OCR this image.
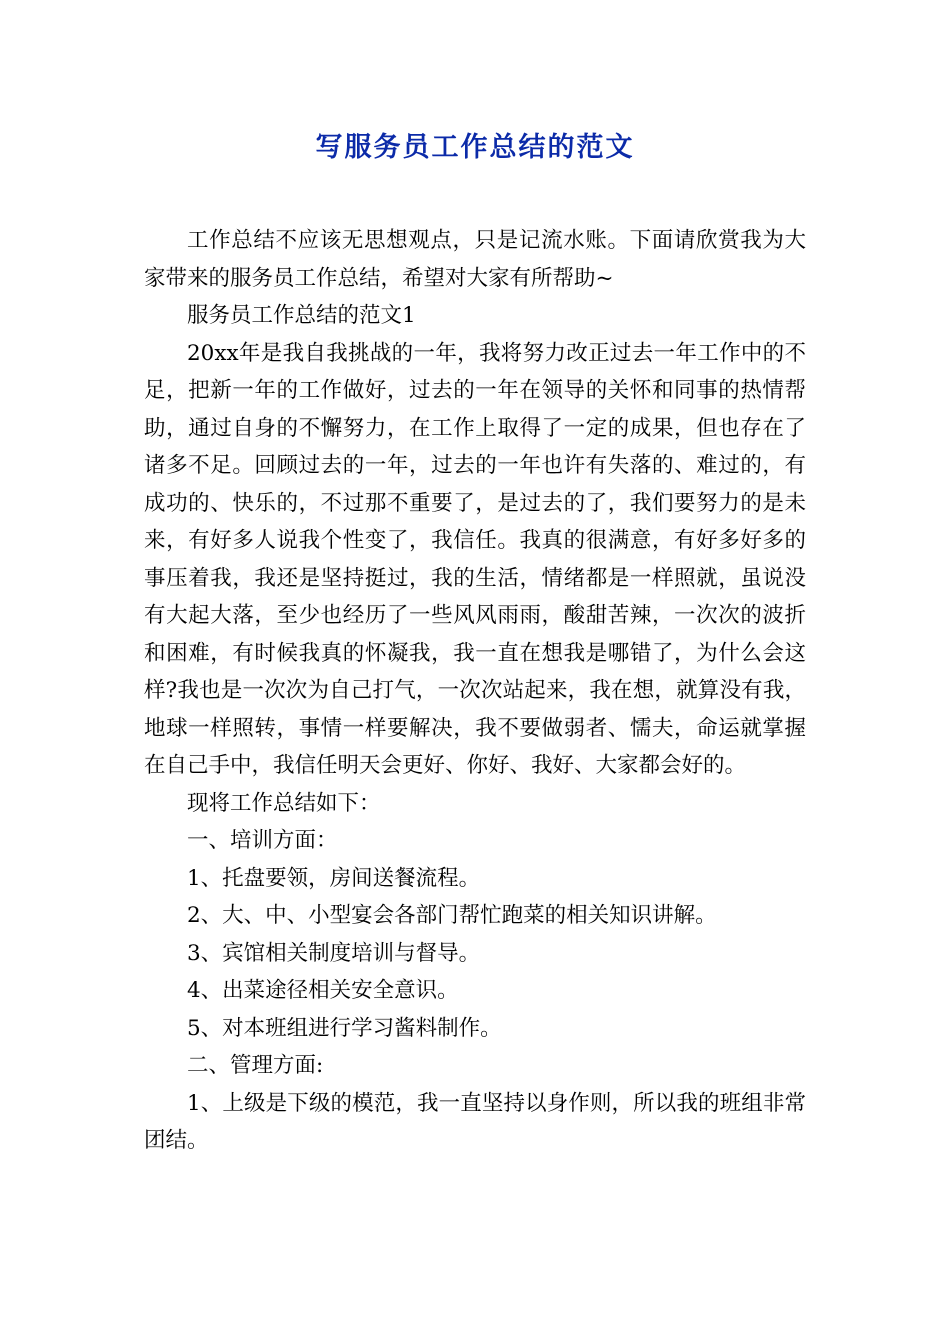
写服务员工作总结的范文

工作总结不应该无思想观点，只是记流水账。下面请欣赏我为大家带来的服务员工作总结，希望对大家有所帮助~

服务员工作总结的范文1

20xx年是我自我挑战的一年，我将努力改正过去一年工作中的不足，把新一年的工作做好，过去的一年在领导的关怀和同事的热情帮助，通过自身的不懈努力，在工作上取得了一定的成果，但也存在了诸多不足。回顾过去的一年，过去的一年也许有失落的、难过的，有成功的、快乐的，不过那不重要了，是过去的了，我们要努力的是未来，有好多人说我个性变了，我信任。我真的很满意，有好多好多的事压着我，我还是坚持挺过，我的生活，情绪都是一样照就，虽说没有大起大落，至少也经历了一些风风雨雨，酸甜苦辣，一次次的波折和困难，有时候我真的怀凝我，我一直在想我是哪错了，为什么会这样?我也是一次次为自己打气，一次次站起来，我在想，就算没有我，地球一样照转，事情一样要解决，我不要做弱者、懦夫，命运就掌握在自己手中，我信任明天会更好、你好、我好、大家都会好的。

现将工作总结如下：

一、培训方面：

1、托盘要领，房间送餐流程。

2、大、中、小型宴会各部门帮忙跑菜的相关知识讲解。

3、宾馆相关制度培训与督导。

4、出菜途径相关安全意识。

5、对本班组进行学习酱料制作。

二、管理方面:

1、上级是下级的模范，我一直坚持以身作则，所以我的班组非常团结。
